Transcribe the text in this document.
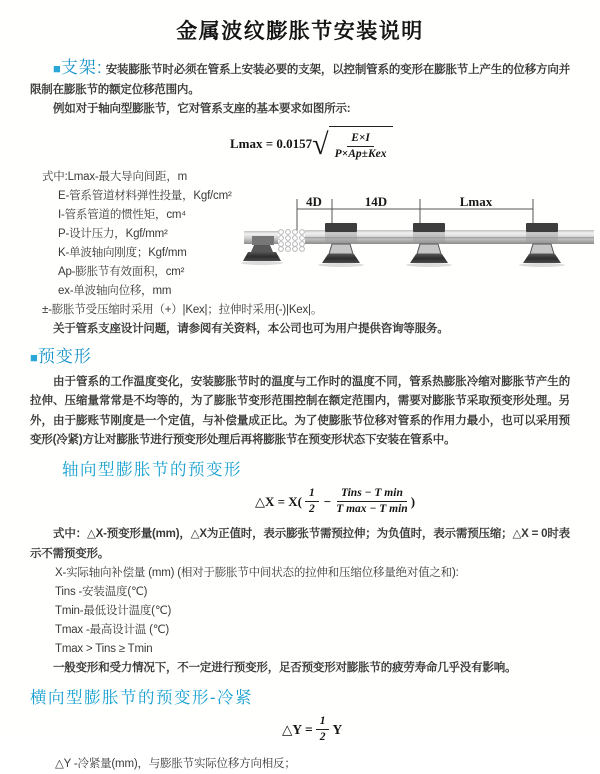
金属波纹膨胀节安装说明

■支架: 安装膨胀节时必须在管系上安装必要的支架，以控制管系的变形在膨胀节上产生的位移方向并限制在膨胀节的额定位移范围内。

例如对于轴向型膨胀节，它对管系支座的基本要求如图所示:

Lmax = 0.0157 √ $\frac{E\times I}{\text{P×Ap±Kex}}$
式中:Lmax-最大导向间距，m
E-管系管道材料弹性投量，Kgf/cm²
I-管系管道的惯性矩，cm⁴
P-设计压力，Kgf/mm²
K-单波轴向刚度；Kgf/mm
Ap-膨胀节有效面积，cm²
ex-单波轴向位移，mm
±-膨胀节受压缩时采用（+）|Kex|；拉伸时采用(-)|Kex|。

关于管系支座设计问题，请参阅有关资料，本公司也可为用户提供咨询等服务。

■预变形

由于管系的工作温度变化，安装膨胀节时的温度与工作时的温度不同，管系热膨胀冷缩对膨胀节产生的拉伸、压缩量常常是不均等的，为了膨胀节变形范围控制在额定范围内，需要对膨胀节采取预变形处理。另外，由于膨账节刚度是一个定值，与补偿量成正比。为了使膨胀节位移对管系的作用力最小，也可以采用预变形(冷紧)方让对膨胀节进行预变形处理后再将膨胀节在预变形状态下安装在管系中。

轴向型膨胀节的预变形
△X = $X( \frac{1}{2} - \frac{\text{Tins − T min}}{\text{T max − T min}}$ )

式中：△X-预变形量(mm)，△X为正值时，表示膨张节需预拉伸；为负值时，表示需预压缩；△X = 0时表示不需预变形。

X-实际轴向补偿量 (mm) (相对于膨胀节中间状态的拉伸和压缩位移量绝对值之和):
Tins -安装温度(℃)
Tmin-最低设计温度(℃)
Tmax -最高设计温 (℃)
Tmax > Tins ≥ Tmin

一般变形和受力情况下，不一定进行预变形，足否预变形对膨胀节的疲劳寿命几乎没有影响。

横向型膨胀节的预变形-冷紧
△Y = $\frac{1}{2}$ Y
△Y -冷紧量(mm)，与膨胀节实际位移方向相反；
4D	14D	Lmax
